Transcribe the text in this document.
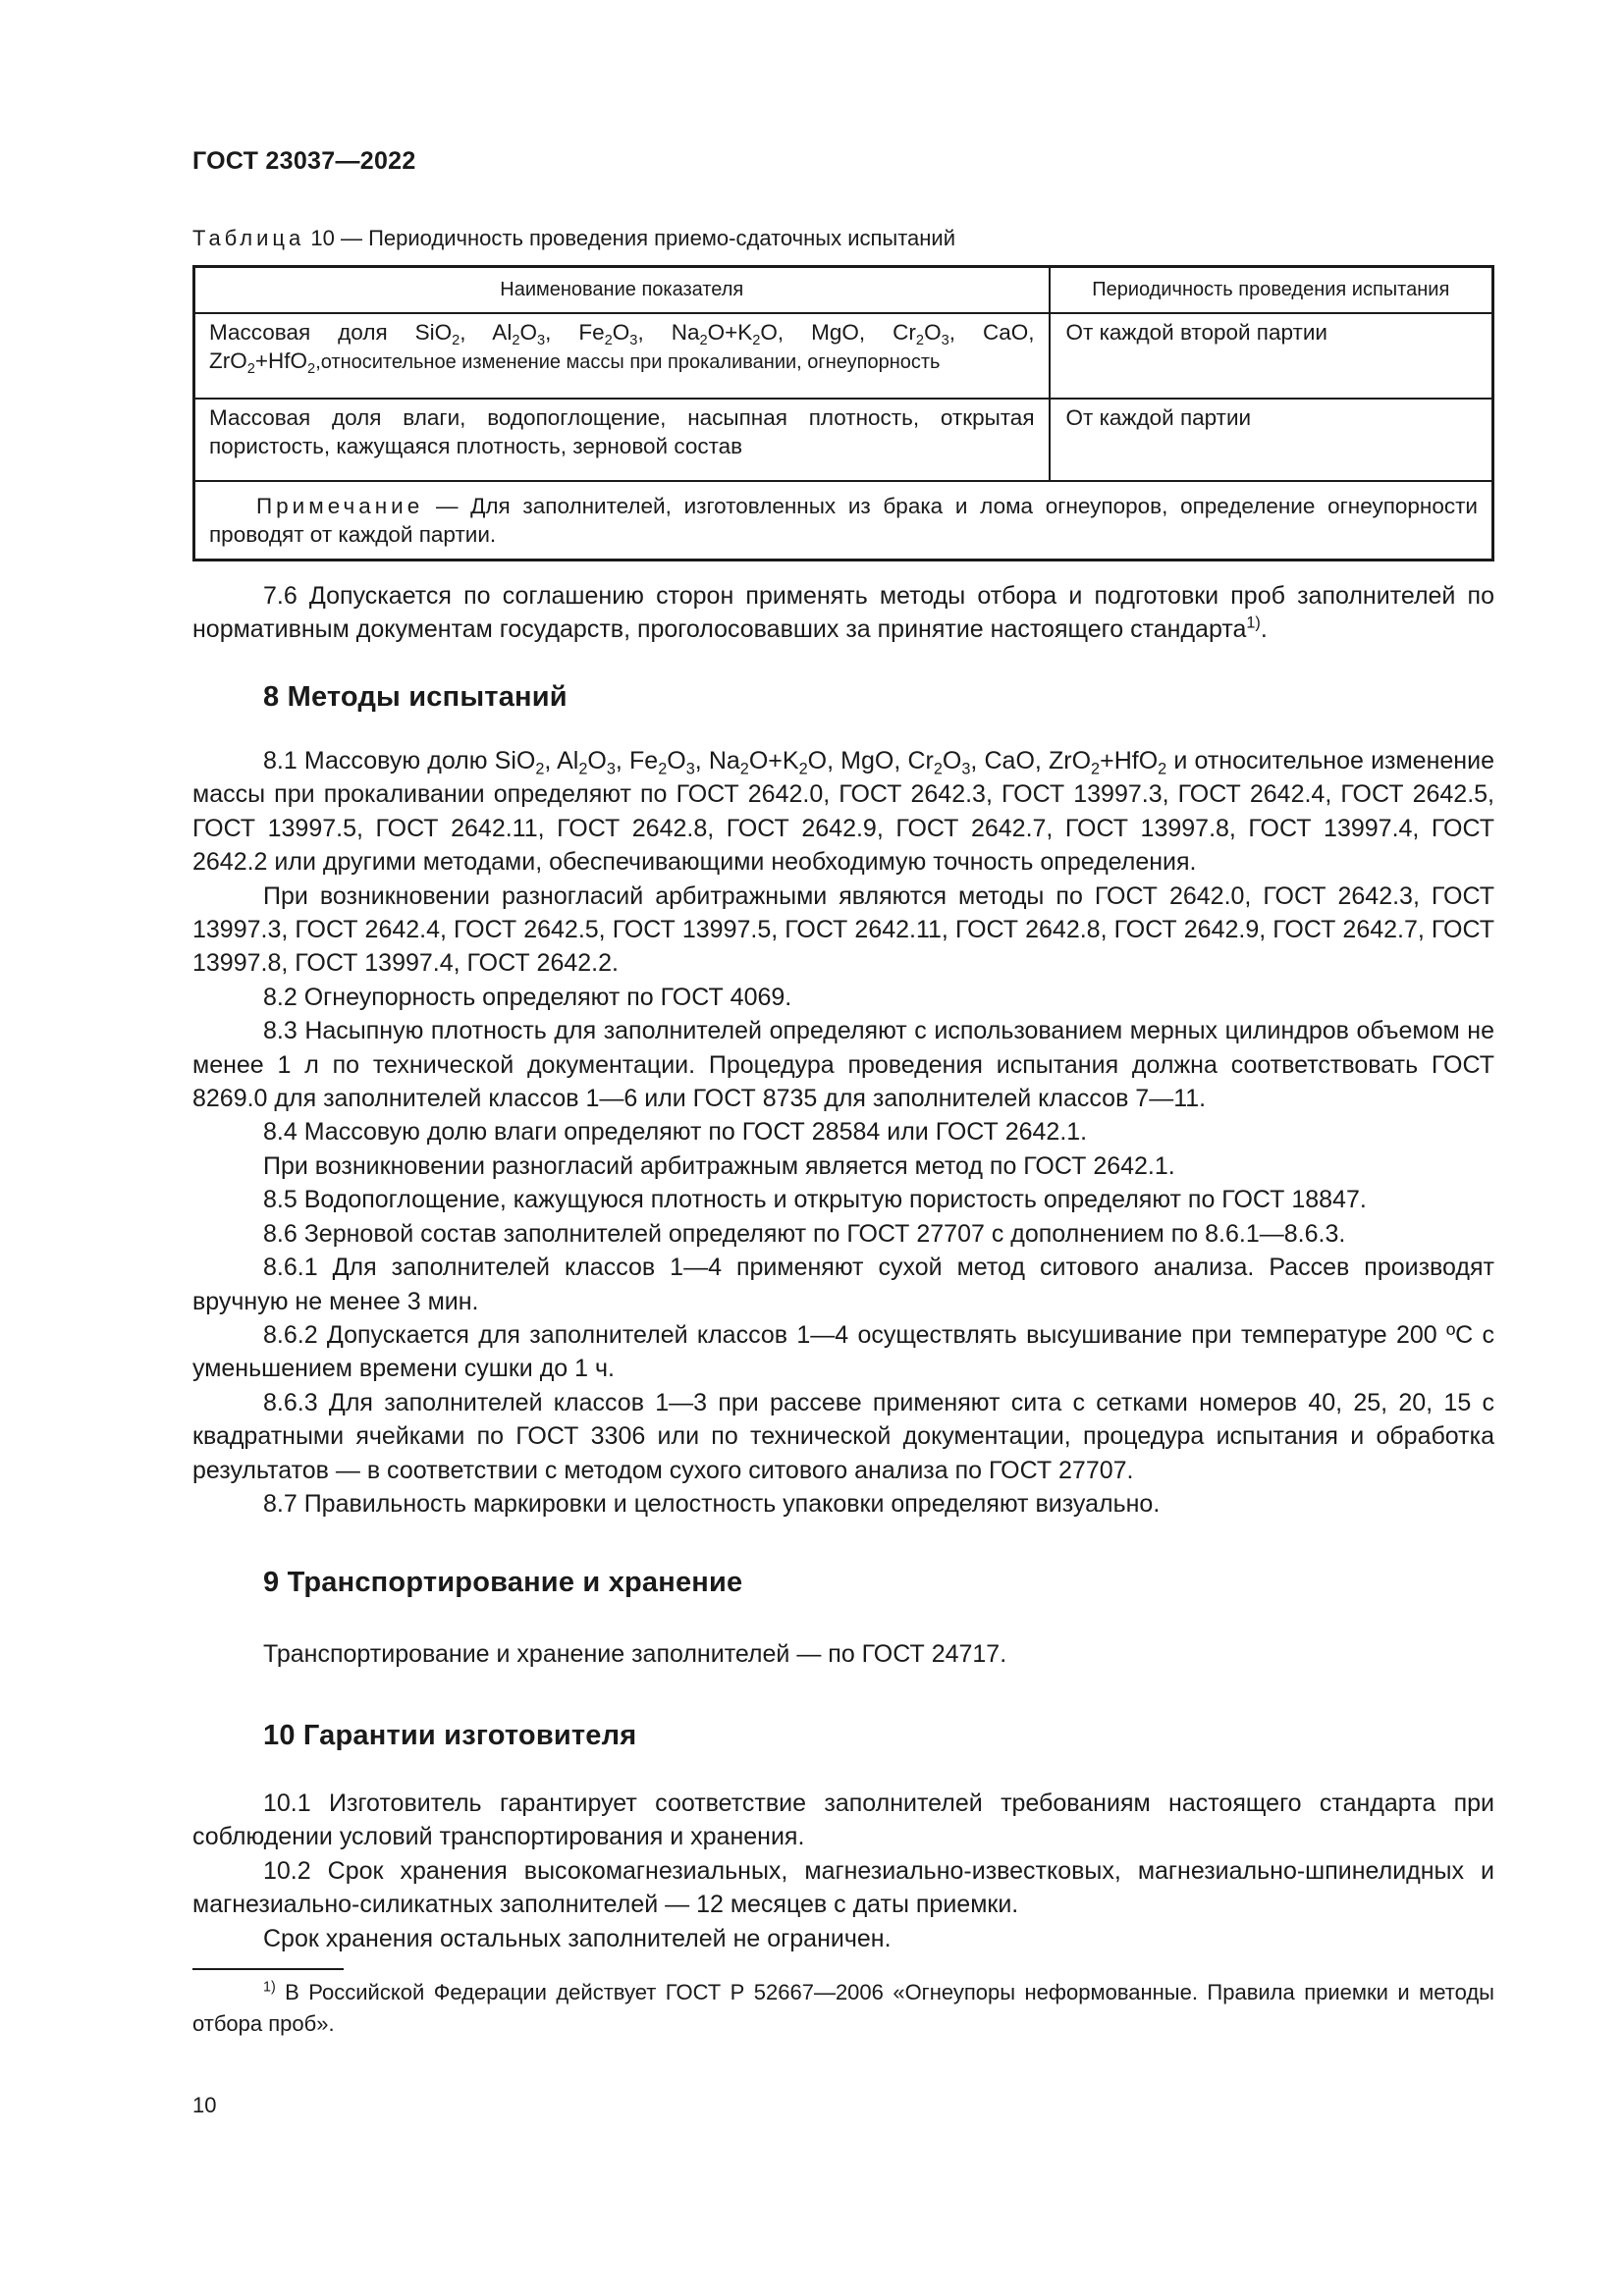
ГОСТ 23037—2022
Таблица 10 — Периодичность проведения приемо-сдаточных испытаний
Наименование показателя	Периодичность проведения испытания
Массовая доля SiO$_2$, $Al_2O_3$, $Fe_2O_3$, $Na_2O+K_2O$, MgO, $Cr_2O_3$, CaO, ZrO$_2$+HfO$_2$,относительное изменение массы при прокаливании, огнеупорность	От каждой второй партии
Массовая доля влаги, водопоглощение, насыпная плотность, открытая пористость, кажущаяся плотность, зерновой состав	От каждой партии
Примечание — Для заполнителей, изготовленных из брака и лома огнеупоров, определение огнеупорности проводят от каждой партии.	

7.6 Допускается по соглашению сторон применять методы отбора и подготовки проб заполнителей по нормативным документам государств, проголосовавших за принятие настоящего стандарта$^{1)}$.

8 Методы испытаний

8.1 Массовую долю SiO$_2$, $Al_2O_3$, $Fe_2O_3$, $Na_2O+K_2O$, MgO, $Cr_2O_3$, CaO, ZrO$_2$+HfO$_2$ и относительное изменение массы при прокаливании определяют по ГОСТ 2642.0, ГОСТ 2642.3, ГОСТ 13997.3, ГОСТ 2642.4, ГОСТ 2642.5, ГОСТ 13997.5, ГОСТ 2642.11, ГОСТ 2642.8, ГОСТ 2642.9, ГОСТ 2642.7, ГОСТ 13997.8, ГОСТ 13997.4, ГОСТ 2642.2 или другими методами, обеспечивающими необходимую точность определения.

При возникновении разногласий арбитражными являются методы по ГОСТ 2642.0, ГОСТ 2642.3, ГОСТ 13997.3, ГОСТ 2642.4, ГОСТ 2642.5, ГОСТ 13997.5, ГОСТ 2642.11, ГОСТ 2642.8, ГОСТ 2642.9, ГОСТ 2642.7, ГОСТ 13997.8, ГОСТ 13997.4, ГОСТ 2642.2.

8.2 Огнеупорность определяют по ГОСТ 4069.

8.3 Насыпную плотность для заполнителей определяют с использованием мерных цилиндров объемом не менее 1 л по технической документации. Процедура проведения испытания должна соответствовать ГОСТ 8269.0 для заполнителей классов 1—6 или ГОСТ 8735 для заполнителей классов 7—11.

8.4 Массовую долю влаги определяют по ГОСТ 28584 или ГОСТ 2642.1.

При возникновении разногласий арбитражным является метод по ГОСТ 2642.1.

8.5 Водопоглощение, кажущуюся плотность и открытую пористость определяют по ГОСТ 18847.

8.6 Зерновой состав заполнителей определяют по ГОСТ 27707 с дополнением по 8.6.1—8.6.3.

8.6.1 Для заполнителей классов 1—4 применяют сухой метод ситового анализа. Рассев производят вручную не менее 3 мин.

8.6.2 Допускается для заполнителей классов 1—4 осуществлять высушивание при температуре 200 ºС с уменьшением времени сушки до 1 ч.

8.6.3 Для заполнителей классов 1—3 при рассеве применяют сита с сетками номеров 40, 25, 20, 15 с квадратными ячейками по ГОСТ 3306 или по технической документации, процедура испытания и обработка результатов — в соответствии с методом сухого ситового анализа по ГОСТ 27707.

8.7 Правильность маркировки и целостность упаковки определяют визуально.

9 Транспортирование и хранение

Транспортирование и хранение заполнителей — по ГОСТ 24717.

10 Гарантии изготовителя

10.1 Изготовитель гарантирует соответствие заполнителей требованиям настоящего стандарта при соблюдении условий транспортирования и хранения.

10.2 Срок хранения высокомагнезиальных, магнезиально-известковых, магнезиально-шпинелидных и магнезиально-силикатных заполнителей — 12 месяцев с даты приемки.

Срок хранения остальных заполнителей не ограничен.

$^{1)}$ В Российской Федерации действует ГОСТ Р 52667—2006 «Огнеупоры неформованные. Правила приемки и методы отбора проб».

10
